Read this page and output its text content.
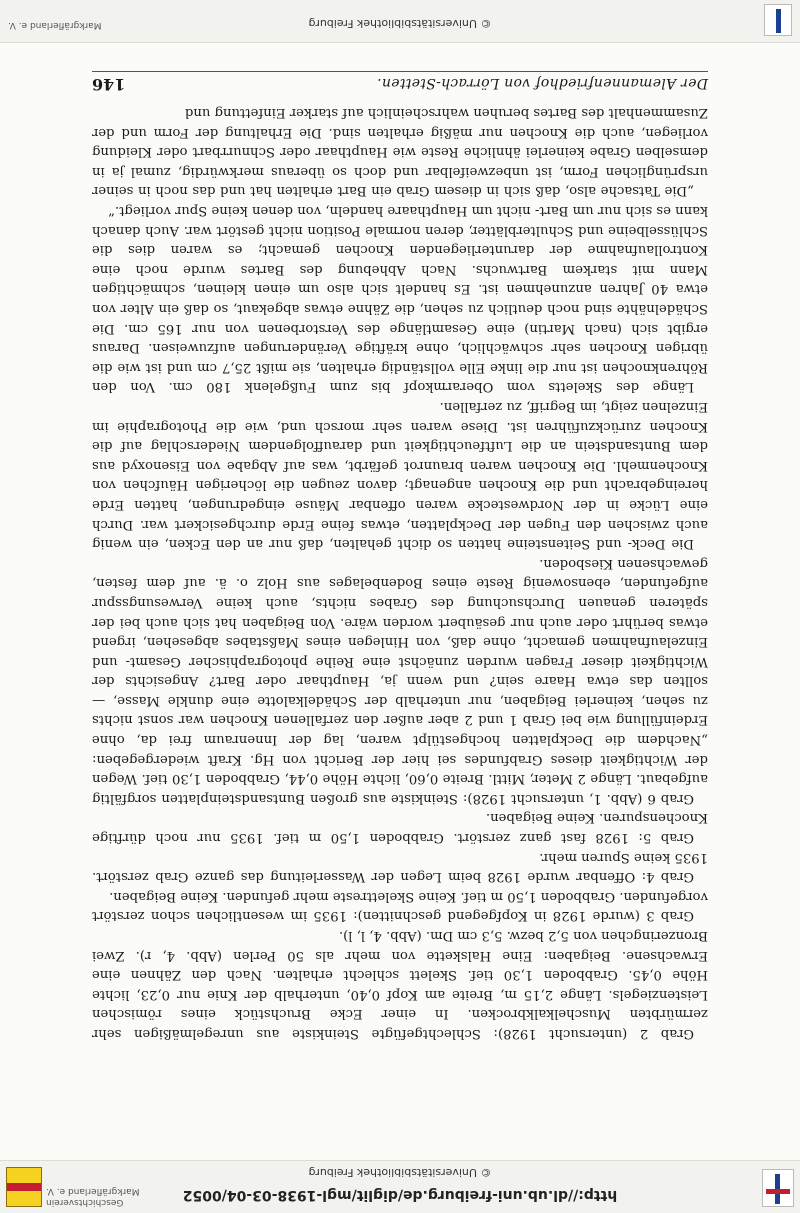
http://dl.ub.uni-freiburg.de/diglit/mgl-1938-03-04/0052
© Universitätsbibliothek Freiburg
Geschichtsverein
Markgräflerland e. V.
Der Alemannenfriedhof von Lörrach-Stetten.
146

Grab 2 (untersucht 1928): Schlechtgefügte Steinkiste aus unregelmäßigen sehr zermürbten Muschelkalkbrocken. In einer Ecke Bruchstück eines römischen Leistenziegels. Länge 2,15 m, Breite am Kopf 0,40, unterhalb der Knie nur 0,23, lichte Höhe 0,45. Grabboden 1,30 tief. Skelett schlecht erhalten. Nach den Zähnen eine Erwachsene. Beigaben: Eine Halskette von mehr als 50 Perlen (Abb. 4, r). Zwei Bronzeringchen von 5,2 bezw. 5,3 cm Dm. (Abb. 4, l, l).

Grab 3 (wurde 1928 in Kopfgegend geschnitten): 1935 im wesentlichen schon zerstört vorgefunden. Grabboden 1,50 m tief. Keine Skelettreste mehr gefunden. Keine Beigaben.

Grab 4: Offenbar wurde 1928 beim Legen der Wasserleitung das ganze Grab zerstört. 1935 keine Spuren mehr.

Grab 5: 1928 fast ganz zerstört. Grabboden 1,50 m tief. 1935 nur noch dürftige Knochenspuren. Keine Beigaben.

Grab 6 (Abb. 1, untersucht 1928): Steinkiste aus großen Buntsandsteinplatten sorgfältig aufgebaut. Länge 2 Meter, Mittl. Breite 0,60, lichte Höhe 0,44, Grabboden 1,30 tief. Wegen der Wichtigkeit dieses Grabfundes sei hier der Bericht von Hg. Kraft wiedergegeben: „Nachdem die Deckplatten hochgestülpt waren, lag der Innenraum frei da, ohne Erdeinfüllung wie bei Grab 1 und 2 aber außer den zerfallenen Knochen war sonst nichts zu sehen, keinerlei Beigaben, nur unterhalb der Schädelkalotte eine dunkle Masse, — sollten das etwa Haare sein? und wenn ja, Haupthaar oder Bart? Angesichts der Wichtigkeit dieser Fragen wurden zunächst eine Reihe photographischer Gesamt- und Einzelaufnahmen gemacht, ohne daß, von Hinlegen eines Maßstabes abgesehen, irgend etwas berührt oder auch nur gesäubert worden wäre. Von Beigaben hat sich auch bei der späteren genauen Durchsuchung des Grabes nichts, auch keine Verwesungsspur aufgefunden, ebensowenig Reste eines Bodenbelages aus Holz o. ä. auf dem festen, gewachsenen Kiesboden.

Die Deck- und Seitensteine hatten so dicht gehalten, daß nur an den Ecken, ein wenig auch zwischen den Fugen der Deckplatten, etwas feine Erde durchgesickert war. Durch eine Lücke in der Nordwestecke waren offenbar Mäuse eingedrungen, hatten Erde hereingebracht und die Knochen angenagt; davon zeugen die löcherigen Häufchen von Knochenmehl. Die Knochen waren braunrot gefärbt, was auf Abgabe von Eisenoxyd aus dem Buntsandstein an die Luftfeuchtigkeit und darauffolgendem Niederschlag auf die Knochen zurückzuführen ist. Diese waren sehr morsch und, wie die Photographie im Einzelnen zeigt, im Begriff, zu zerfallen.

Länge des Skeletts vom Oberarmkopf bis zum Fußgelenk 180 cm. Von den Röhrenknochen ist nur die linke Elle vollständig erhalten, sie mißt 25,7 cm und ist wie die übrigen Knochen sehr schwächlich, ohne kräftige Veränderungen aufzuweisen. Daraus ergibt sich (nach Martin) eine Gesamtlänge des Verstorbenen von nur 165 cm. Die Schädelnähte sind noch deutlich zu sehen, die Zähne etwas abgekaut, so daß ein Alter von etwa 40 Jahren anzunehmen ist. Es handelt sich also um einen kleinen, schmächtigen Mann mit starkem Bartwuchs. Nach Abhebung des Bartes wurde noch eine Kontrollaufnahme der darunterliegenden Knochen gemacht; es waren dies die Schlüsselbeine und Schulterblätter, deren normale Position nicht gestört war. Auch danach kann es sich nur um Bart- nicht um Haupthaare handeln, von denen keine Spur vorliegt.“

„Die Tatsache also, daß sich in diesem Grab ein Bart erhalten hat und das noch in seiner ursprünglichen Form, ist unbezweifelbar und doch so überaus merkwürdig, zumal ja in demselben Grabe keinerlei ähnliche Reste wie Haupthaar oder Schnurrbart oder Kleidung vorliegen, auch die Knochen nur mäßig erhalten sind. Die Erhaltung der Form und der Zusammenhalt des Bartes beruhen wahrscheinlich auf starker Einfettung und

© Universitätsbibliothek Freiburg
Markgräflerland e. V.
